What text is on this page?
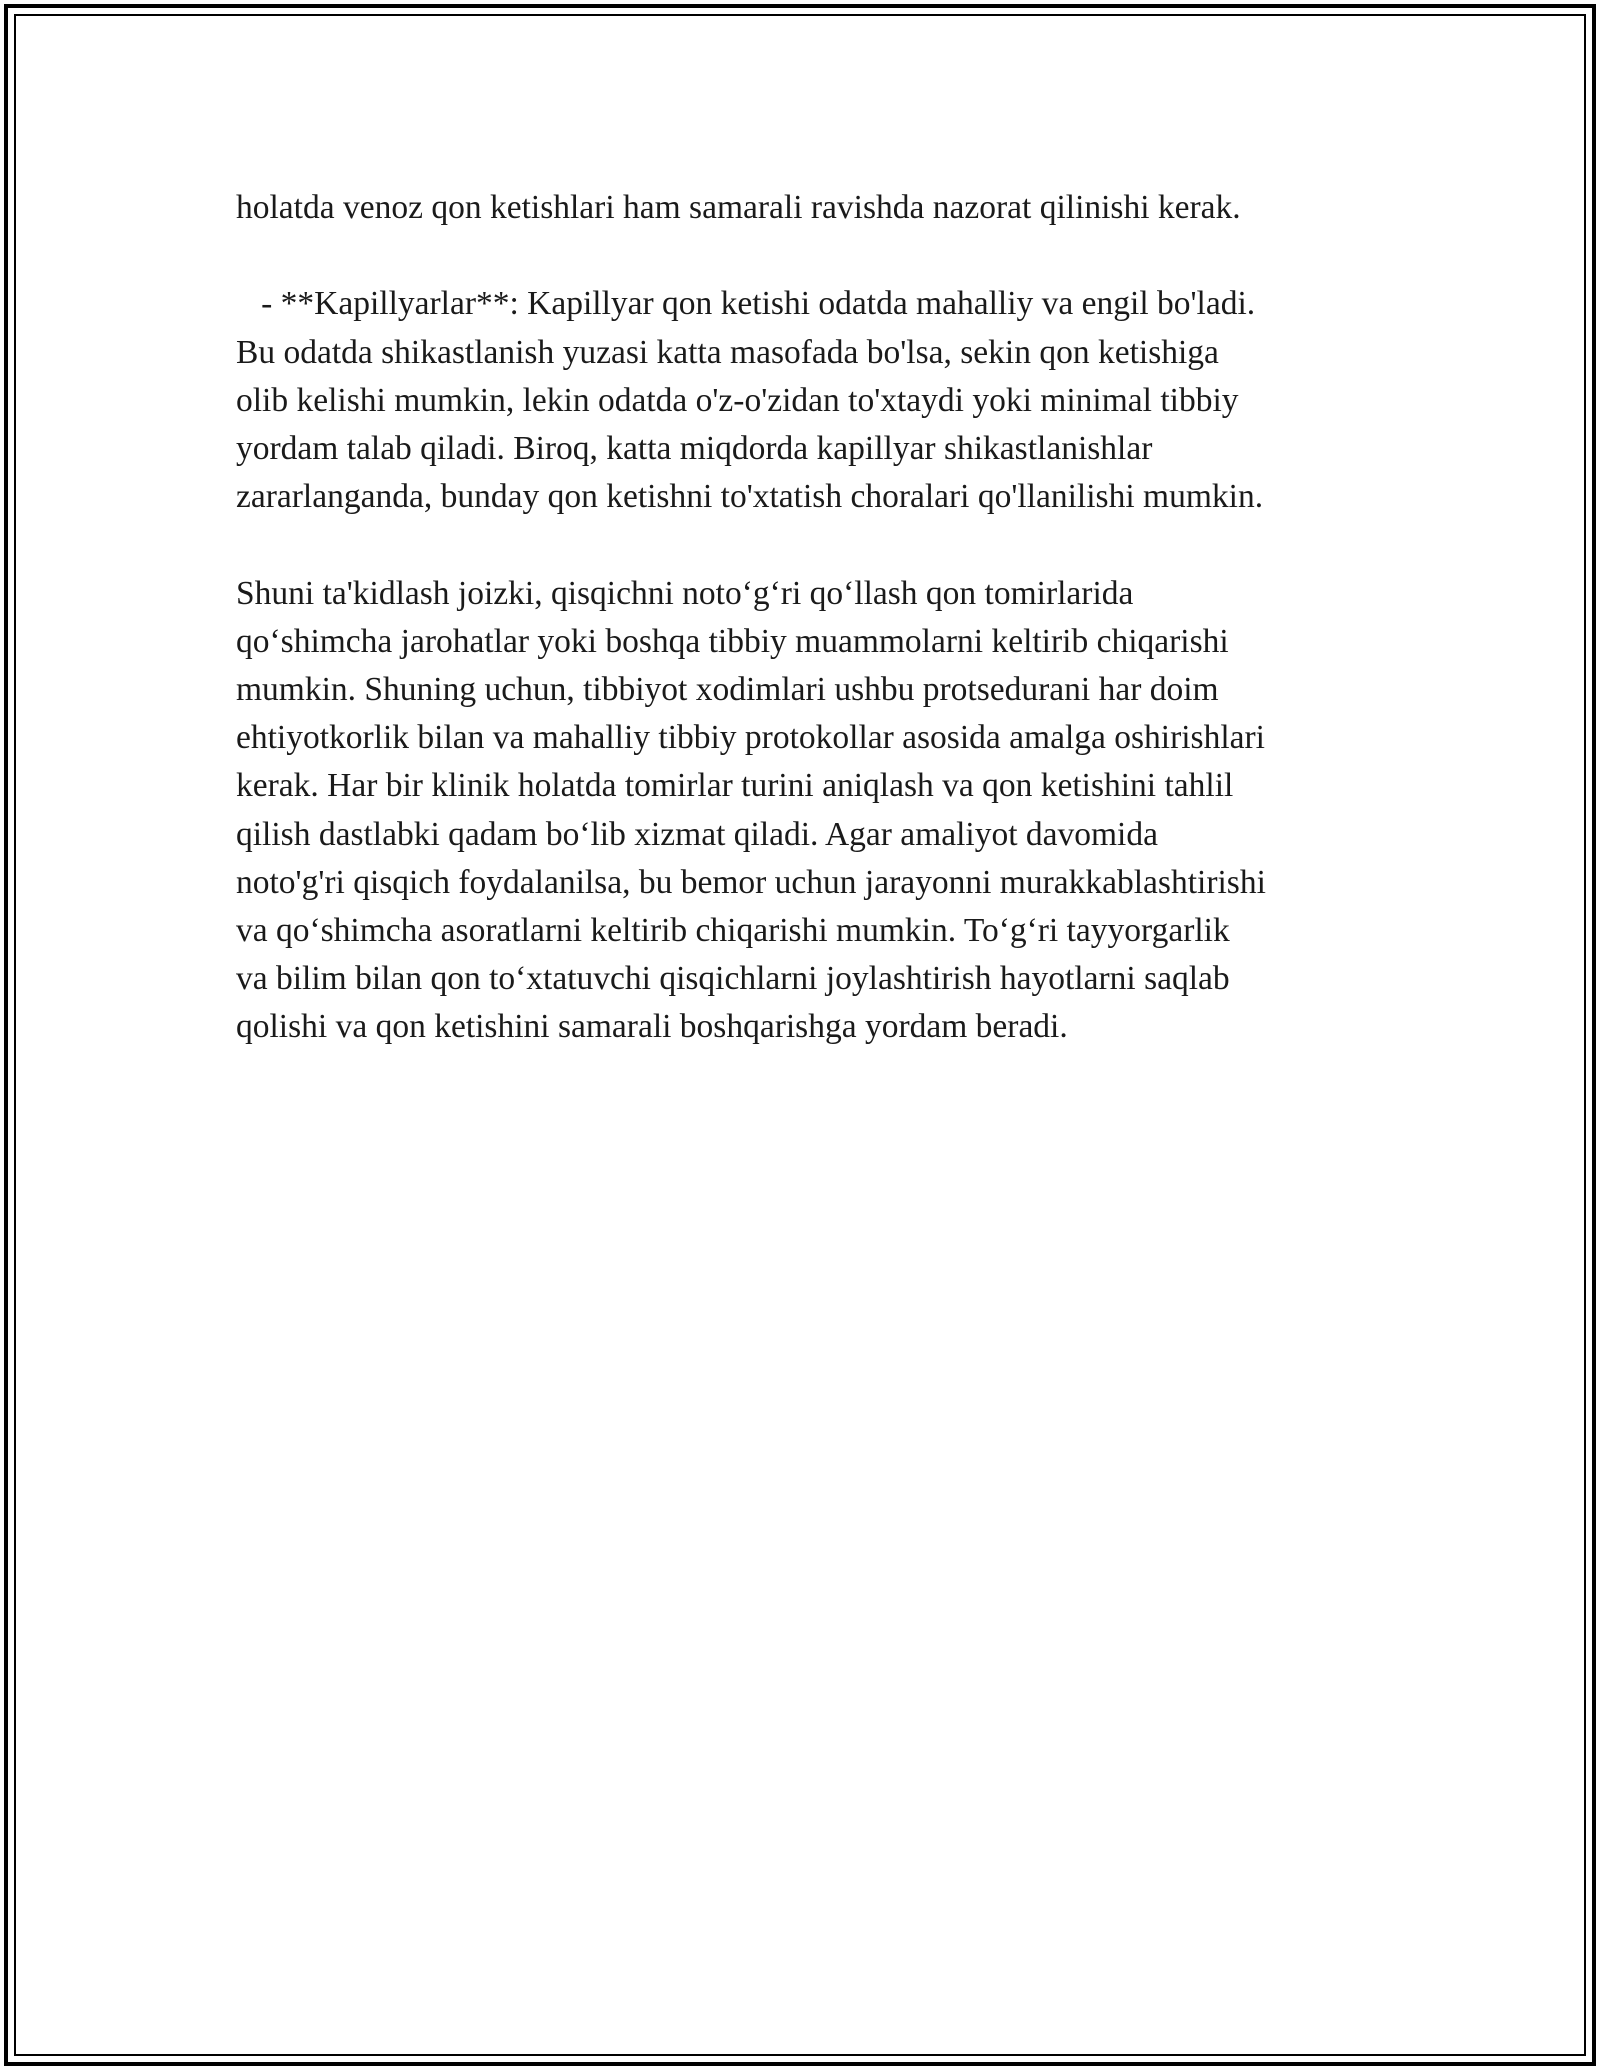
holatda venoz qon ketishlari ham samarali ravishda nazorat qilinishi kerak.

- **Kapillyarlar**: Kapillyar qon ketishi odatda mahalliy va engil bo'ladi.

Bu odatda shikastlanish yuzasi katta masofada bo'lsa, sekin qon ketishiga

olib kelishi mumkin, lekin odatda o'z-o'zidan to'xtaydi yoki minimal tibbiy

yordam talab qiladi. Biroq, katta miqdorda kapillyar shikastlanishlar

zararlanganda, bunday qon ketishni to'xtatish choralari qo'llanilishi mumkin.

Shuni ta'kidlash joizki, qisqichni noto‘g‘ri qo‘llash qon tomirlarida

qo‘shimcha jarohatlar yoki boshqa tibbiy muammolarni keltirib chiqarishi

mumkin. Shuning uchun, tibbiyot xodimlari ushbu protsedurani har doim

ehtiyotkorlik bilan va mahalliy tibbiy protokollar asosida amalga oshirishlari

kerak. Har bir klinik holatda tomirlar turini aniqlash va qon ketishini tahlil

qilish dastlabki qadam bo‘lib xizmat qiladi. Agar amaliyot davomida

noto'g'ri qisqich foydalanilsa, bu bemor uchun jarayonni murakkablashtirishi

va qo‘shimcha asoratlarni keltirib chiqarishi mumkin. To‘g‘ri tayyorgarlik

va bilim bilan qon to‘xtatuvchi qisqichlarni joylashtirish hayotlarni saqlab

qolishi va qon ketishini samarali boshqarishga yordam beradi.
